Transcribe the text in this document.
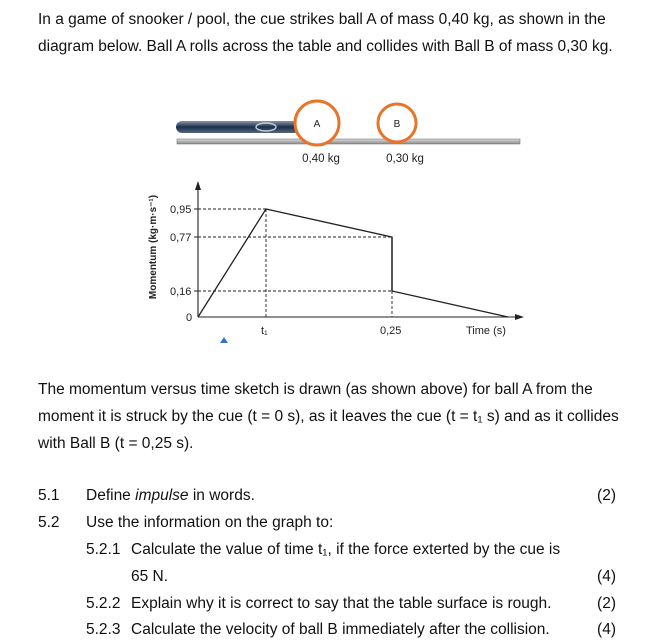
In a game of snooker / pool, the cue strikes ball A of mass 0,40 kg, as shown in the
diagram below. Ball A rolls across the table and collides with Ball B of mass 0,30 kg.

A	B
0,40 kg	0,30 kg
Momentum (kg·m·s⁻¹) 0,95
0,77
0,16
0
t₁	0,25	Time (s)

The momentum versus time sketch is drawn (as shown above) for ball A from the
moment it is struck by the cue (t = 0 s), as it leaves the cue (t = t₁ s) and as it collides
with Ball B (t = 0,25 s).

5.1 Define impulse in words.	(2)
5.2 Use the information on the graph to:
5.2.1 Calculate the value of time t₁, if the force exterted by the cue is
65 N.	(4)
5.2.2 Explain why it is correct to say that the table surface is rough.	(2)
5.2.3 Calculate the velocity of ball B immediately after the collision.	(4)
